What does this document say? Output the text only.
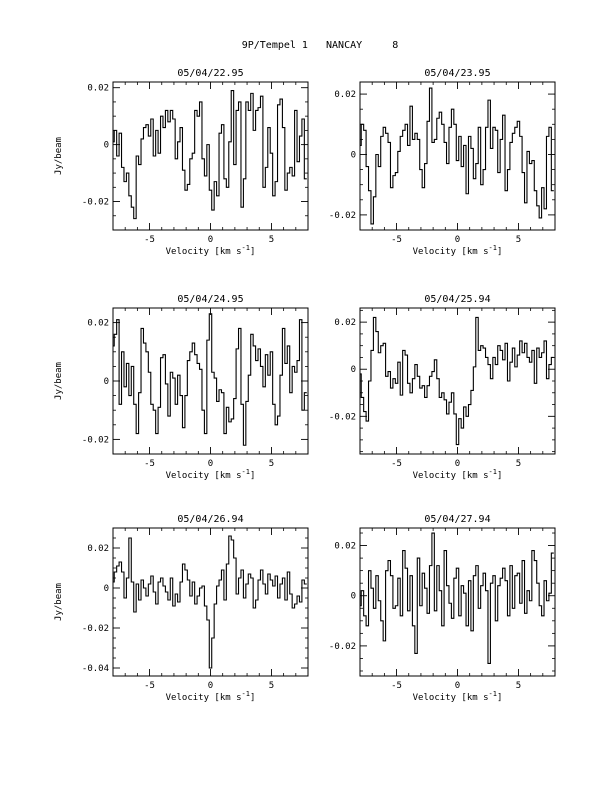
9P/Tempel 1   NANCAY     8
05/04/22.95
-5	0	5
0.02
0
-0.02
Velocity [km $s^{-1}$]
Jy/beam
05/04/23.95
-5	0	5
0.02
0
-0.02
Velocity [km $s^{-1}$]
05/04/24.95
-5	0	5
0.02
0
-0.02
Velocity [km $s^{-1}$]
Jy/beam
05/04/25.94
-5	0	5
0.02
0
-0.02
Velocity [km $s^{-1}$]
05/04/26.94
-5	0	5
0.02
0
-0.02
-0.04
Velocity [km $s^{-1}$]
Jy/beam
05/04/27.94
-5	0	5
0.02
0
-0.02
Velocity [km $s^{-1}$]
